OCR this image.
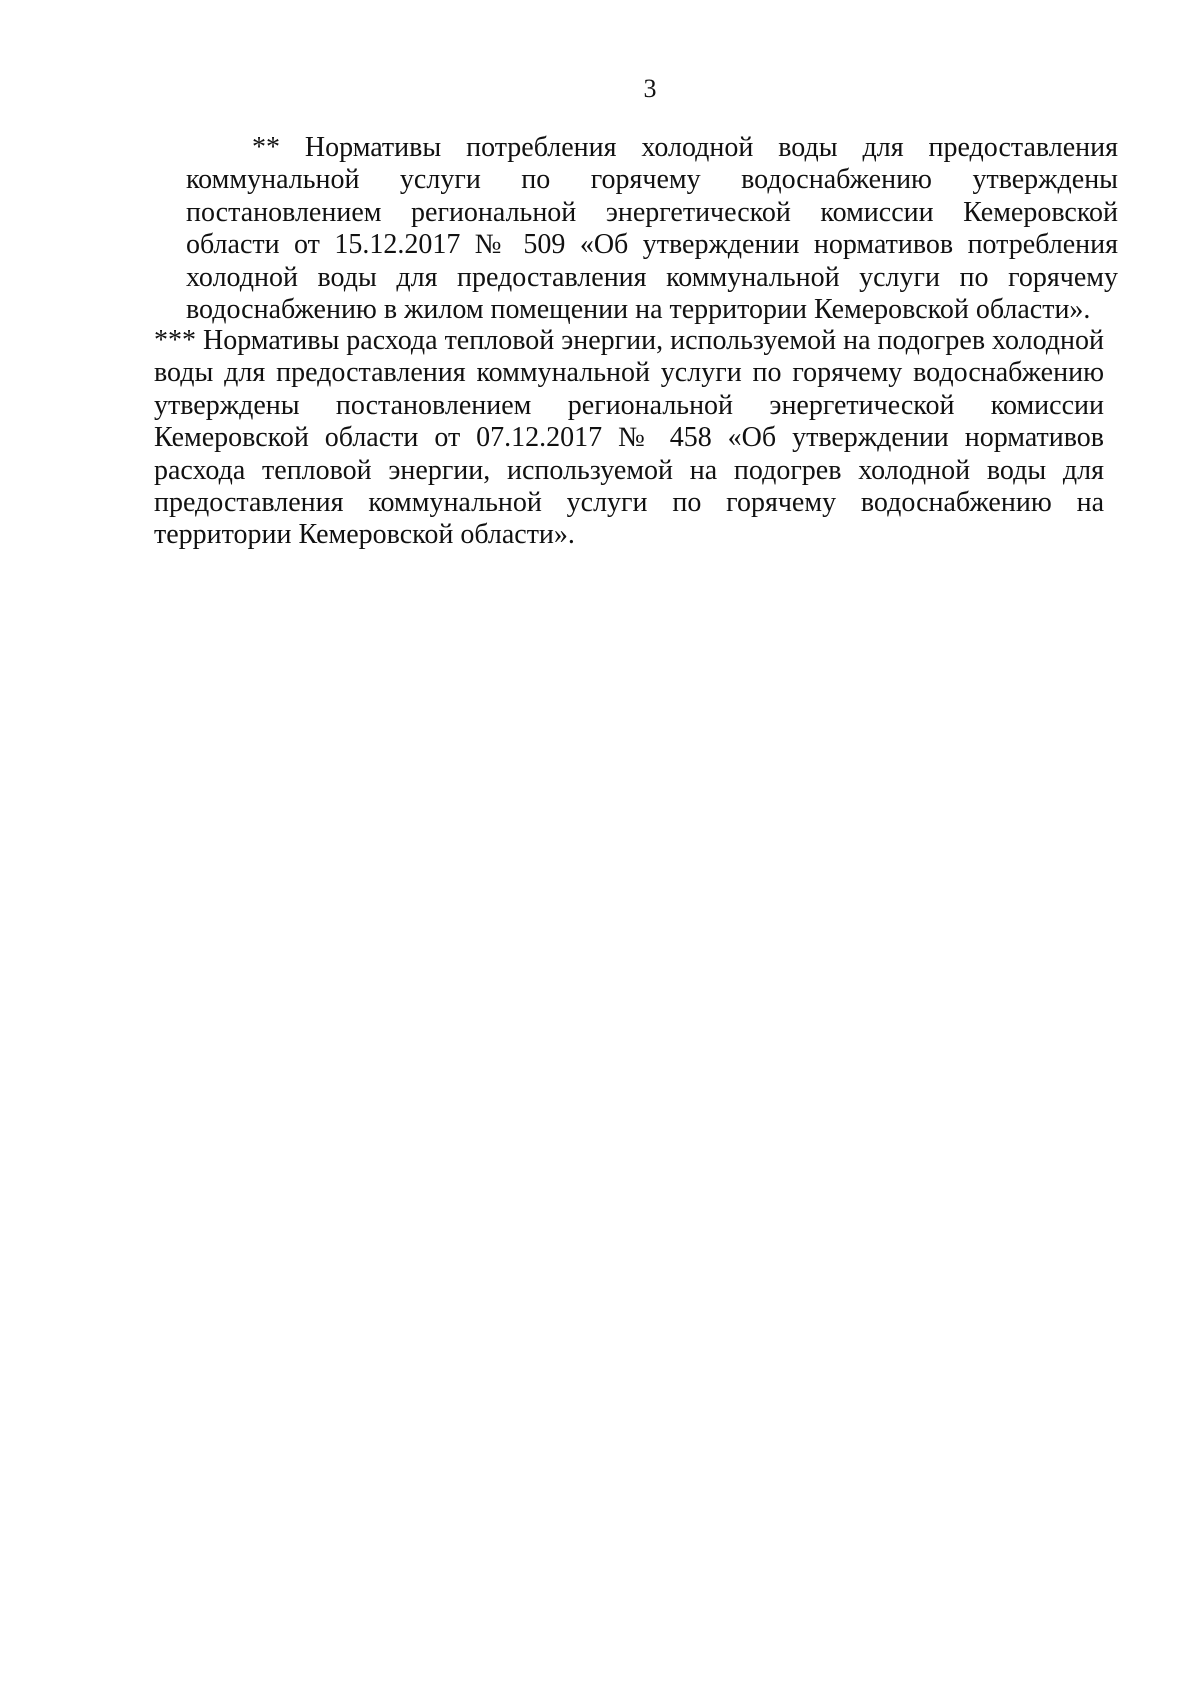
3

** Нормативы потребления холодной воды для предоставления коммунальной услуги по горячему водоснабжению утверждены постановлением региональной энергетической комиссии Кемеровской области от 15.12.2017 № 509 «Об утверждении нормативов потребления холодной воды для предоставления коммунальной услуги по горячему водоснабжению в жилом помещении на территории Кемеровской области».

*** Нормативы расхода тепловой энергии, используемой на подогрев холодной воды для предоставления коммунальной услуги по горячему водоснабжению утверждены постановлением региональной энергетической комиссии Кемеровской области от 07.12.2017 № 458 «Об утверждении нормативов расхода тепловой энергии, используемой на подогрев холодной воды для предоставления коммунальной услуги по горячему водоснабжению на территории Кемеровской области».
